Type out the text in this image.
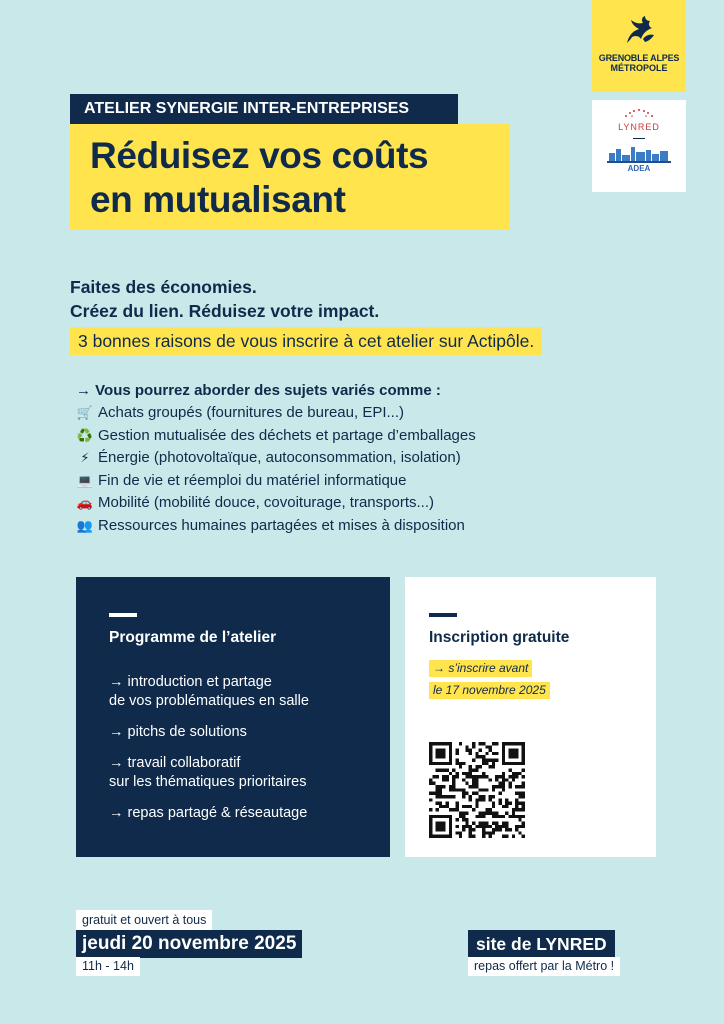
GRENOBLE ALPES
MÉTROPOLE
LYNRED
ADEA
ATELIER SYNERGIE INTER-ENTREPRISES
Réduisez vos coûts
en mutualisant
Faites des économies.
Créez du lien. Réduisez votre impact.
3 bonnes raisons de vous inscrire à cet atelier sur Actipôle.
→ Vous pourrez aborder des sujets variés comme :
🛒 Achats groupés (fournitures de bureau, EPI...)
♻️ Gestion mutualisée des déchets et partage d’emballages
⚡ Énergie (photovoltaïque, autoconsommation, isolation)
💻 Fin de vie et réemploi du matériel informatique
🚗 Mobilité (mobilité douce, covoiturage, transports...)
👥 Ressources humaines partagées et mises à disposition
Programme de l’atelier
→ introduction et partage
de vos problématiques en salle
→ pitchs de solutions
→ travail collaboratif
sur les thématiques prioritaires
→ repas partagé & réseautage
Inscription gratuite
→ s’inscrire avant
le 17 novembre 2025
gratuit et ouvert à tous
jeudi 20 novembre 2025
11h - 14h
site de LYNRED
repas offert par la Métro !
